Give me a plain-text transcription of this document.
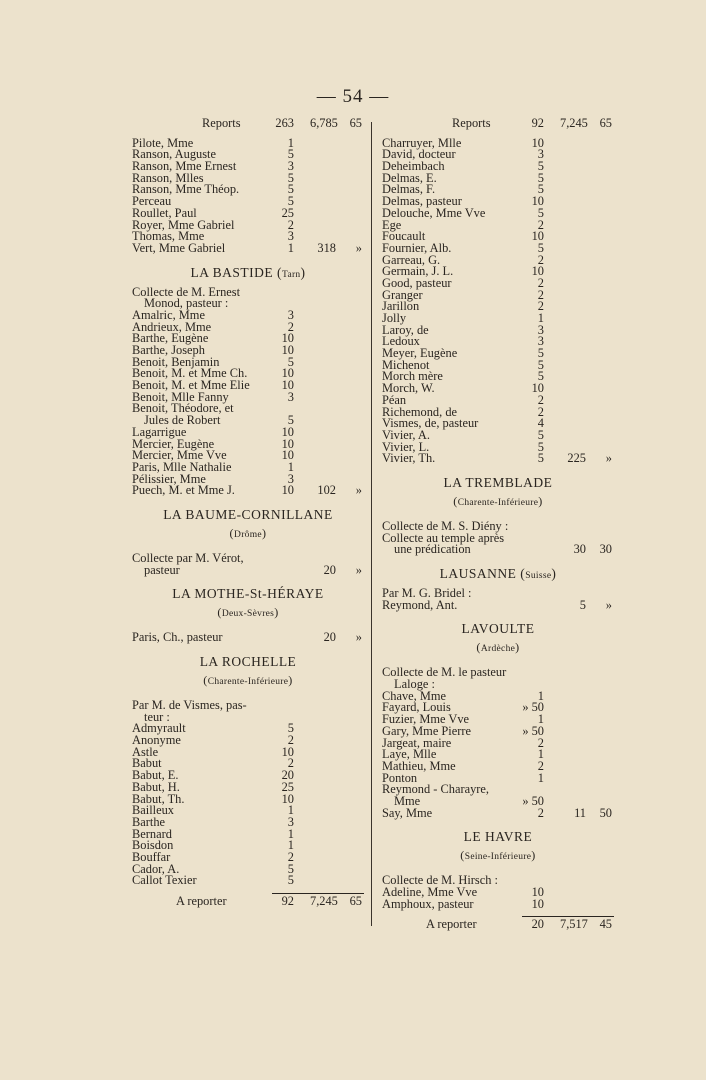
— 54 —
Reports	263 6,785 65
Pilote, Mme	1
Ranson, Auguste	5
Ranson, Mme Ernest	3
Ranson, Mlles	5
Ranson, Mme Théop.	5
Perceau	5
Roullet, Paul	25
Royer, Mme Gabriel	2
Thomas, Mme	3
Vert, Mme Gabriel	1	318	»
LA BASTIDE (Tarn)
Collecte de M. Ernest
Monod, pasteur :
Amalric, Mme	3
Andrieux, Mme	2
Barthe, Eugène	10
Barthe, Joseph	10
Benoit, Benjamin	5
Benoit, M. et Mme Ch.	10
Benoit, M. et Mme Elie	10
Benoit, Mlle Fanny	3
Benoit, Théodore, et
Jules de Robert	5
Lagarrigue	10
Mercier, Eugène	10
Mercier, Mme Vve	10
Paris, Mlle Nathalie	1
Pélissier, Mme	3
Puech, M. et Mme J.	10	102	»
LA BAUME-CORNILLANE
(Drôme)
Collecte par M. Vérot,
pasteur	20	»
LA MOTHE-St-HÉRAYE
(Deux-Sèvres)
Paris, Ch., pasteur	20	»
LA ROCHELLE
(Charente-Inférieure)
Par M. de Vismes, pas-
teur :
Admyrault	5
Anonyme	2
Astle	10
Babut	2
Babut, E.	20
Babut, H.	25
Babut, Th.	10
Bailleux	1
Barthe	3
Bernard	1
Boisdon	1
Bouffar	2
Cador, A.	5
Callot Texier	5
A reporter	92 7,245 65
Reports	92 7,245 65
Charruyer, Mlle	10
David, docteur	3
Deheimbach	5
Delmas, E.	5
Delmas, F.	5
Delmas, pasteur	10
Delouche, Mme Vve	5
Ege	2
Foucault	10
Fournier, Alb.	5
Garreau, G.	2
Germain, J. L.	10
Good, pasteur	2
Granger	2
Jarillon	2
Jolly	1
Laroy, de	3
Ledoux	3
Meyer, Eugène	5
Michenot	5
Morch mère	5
Morch, W.	10
Péan	2
Richemond, de	2
Vismes, de, pasteur	4
Vivier, A.	5
Vivier, L.	5
Vivier, Th.	5	225	»
LA TREMBLADE
(Charente-Inférieure)
Collecte de M. S. Diény :
Collecte au temple après
une prédication	30	30
LAUSANNE (Suisse)
Par M. G. Bridel :
Reymond, Ant.	5	»
LAVOULTE
(Ardèche)
Collecte de M. le pasteur
Laloge :
Chave, Mme	1
Fayard, Louis	» 50
Fuzier, Mme Vve	1
Gary, Mme Pierre	» 50
Jargeat, maire	2
Laye, Mlle	1
Mathieu, Mme	2
Ponton	1
Reymond - Charayre,
Mme	» 50
Say, Mme	2	11	50
LE HAVRE
(Seine-Inférieure)
Collecte de M. Hirsch :
Adeline, Mme Vve	10
Amphoux, pasteur	10
A reporter	20 7,517 45
